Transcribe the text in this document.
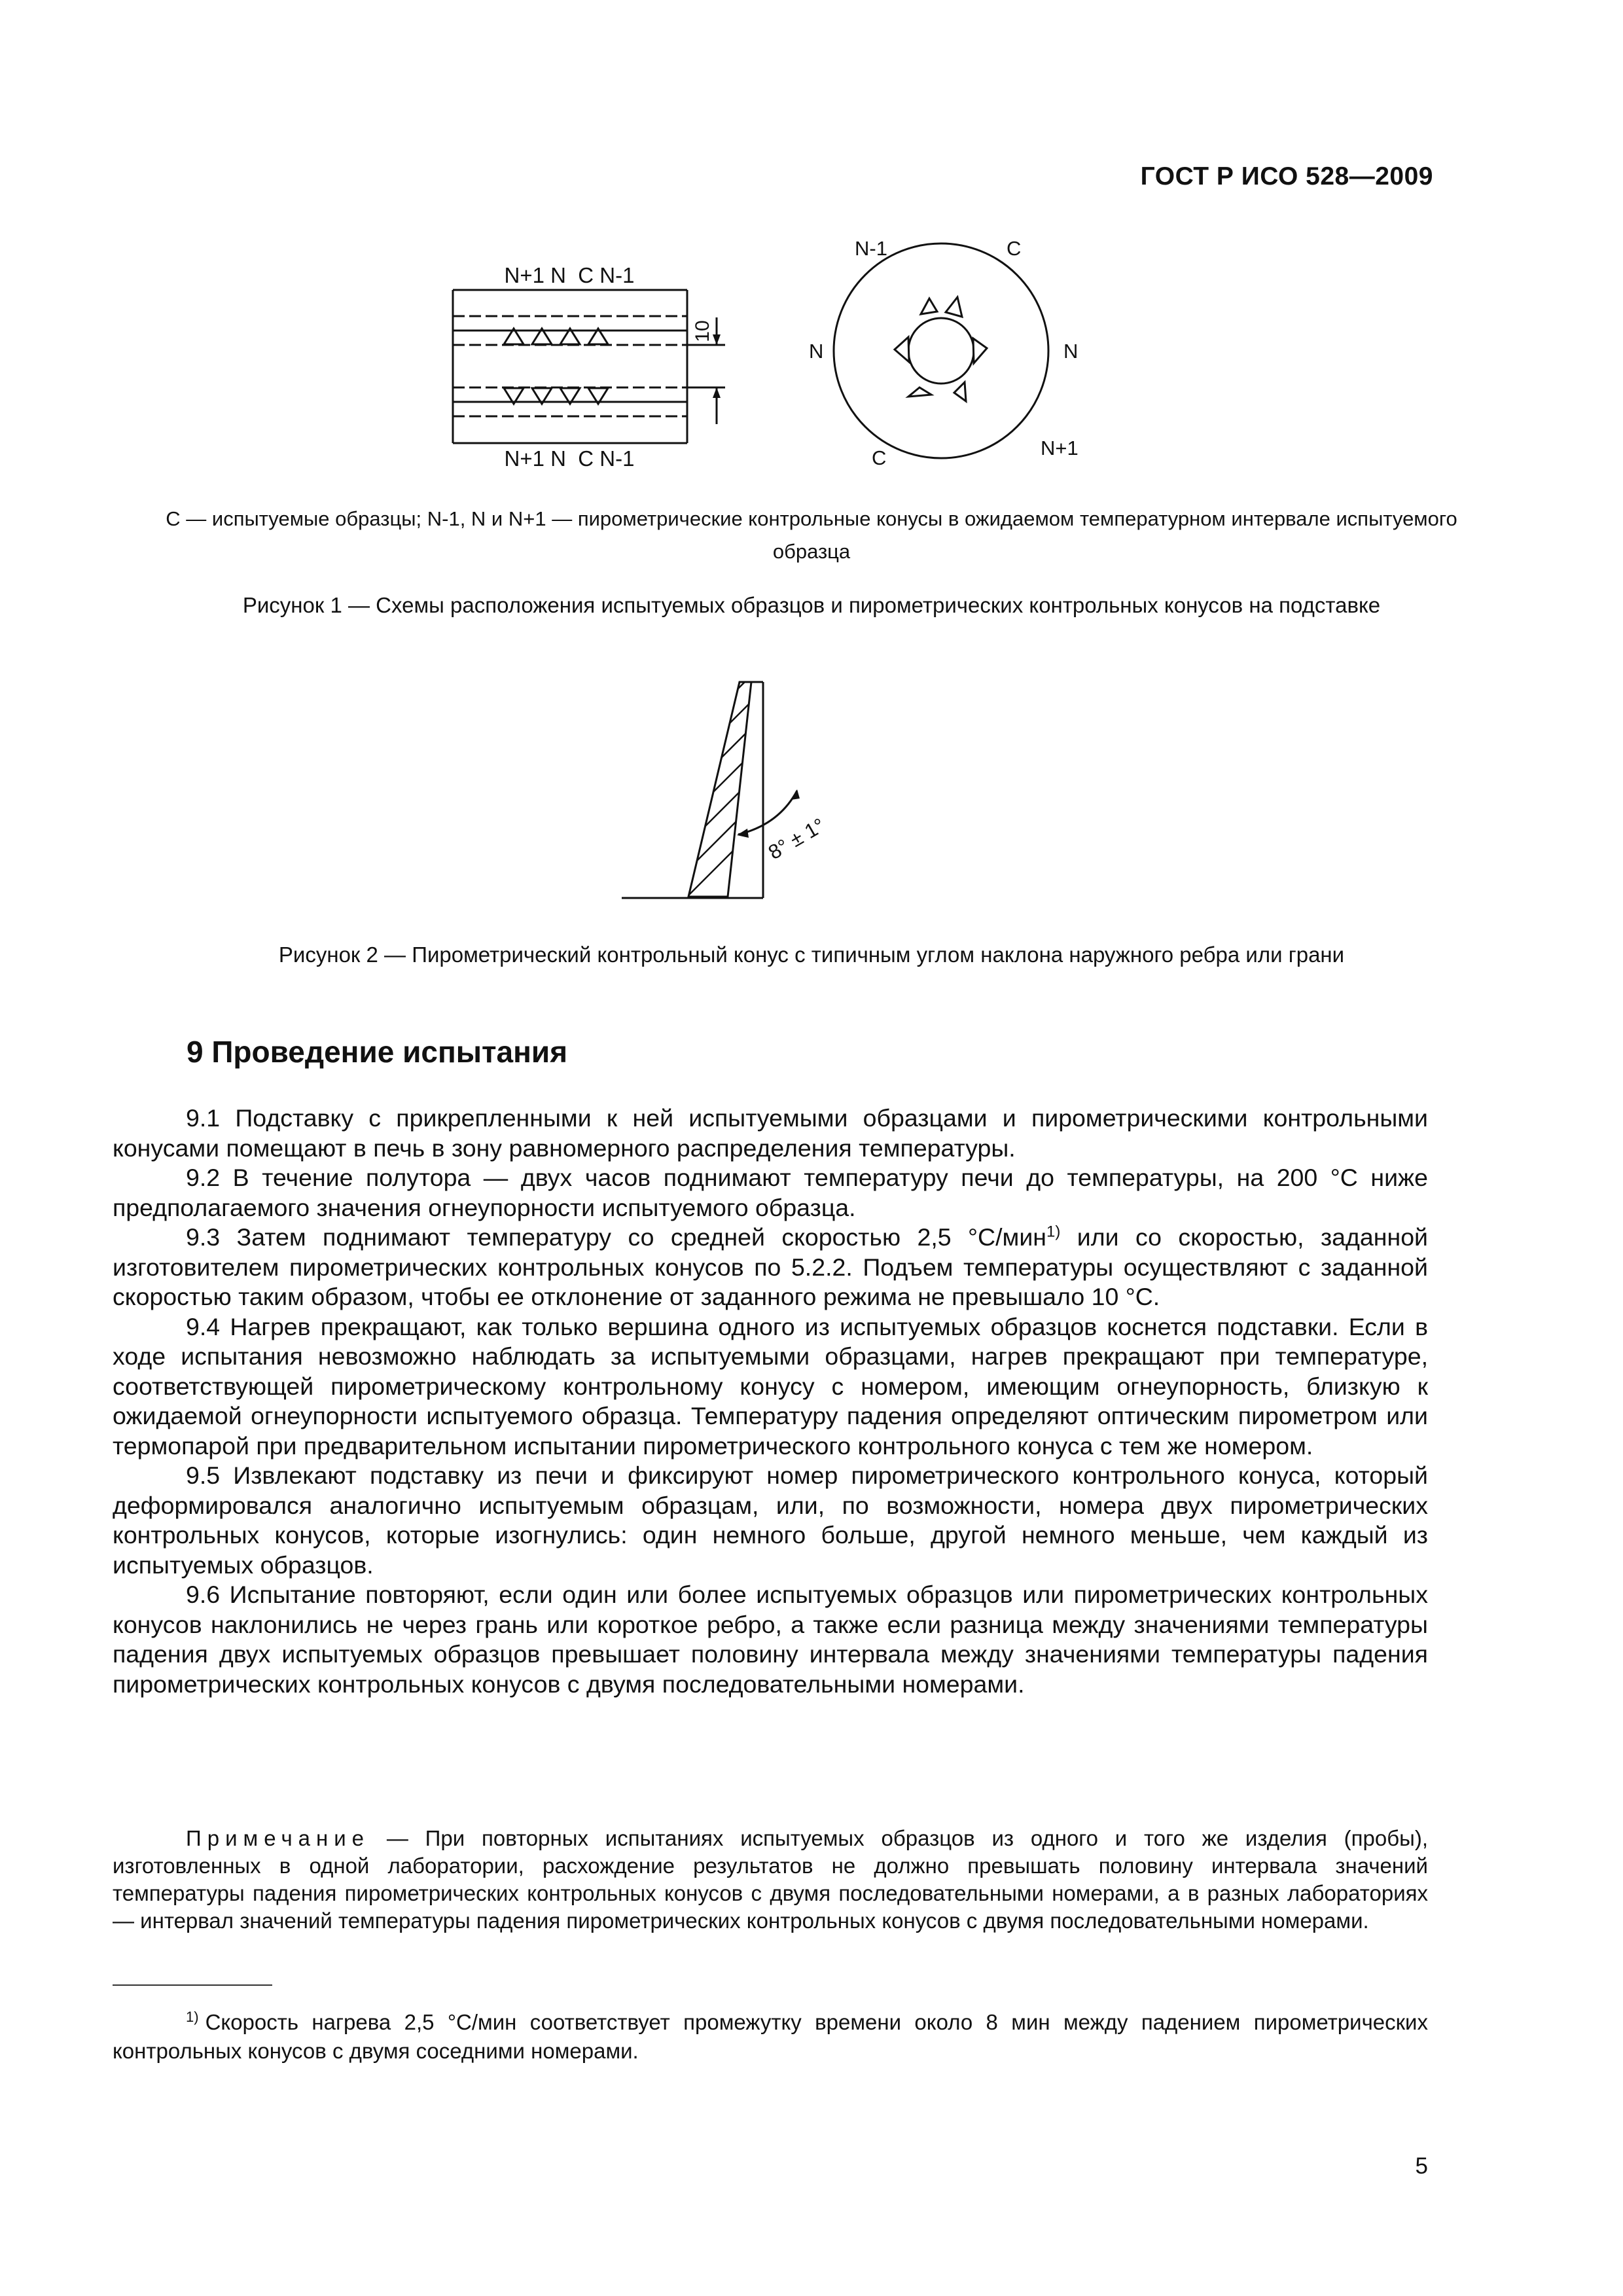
ГОСТ Р ИСО 528—2009
N+1 N  C N-1
N+1 N  C N-1
10
N-1	C
N	N
C	N+1
С — испытуемые образцы; N-1, N и N+1 — пирометрические контрольные конусы в ожидаемом температурном интервале испытуемого образца
Рисунок 1 — Схемы расположения испытуемых образцов и пирометрических контрольных конусов на подставке
8° ± 1°
Рисунок 2 — Пирометрический контрольный конус с типичным углом наклона наружного ребра или грани
9 Проведение испытания

9.1 Подставку с прикрепленными к ней испытуемыми образцами и пирометрическими контрольными конусами помещают в печь в зону равномерного распределения температуры.

9.2 В течение полутора — двух часов поднимают температуру печи до температуры, на 200 °С ниже предполагаемого значения огнеупорности испытуемого образца.

9.3 Затем поднимают температуру со средней скоростью 2,5 °С/мин$^{1)}$ или со скоростью, заданной изготовителем пирометрических контрольных конусов по 5.2.2. Подъем температуры осуществляют с заданной скоростью таким образом, чтобы ее отклонение от заданного режима не превышало 10 °С.

9.4 Нагрев прекращают, как только вершина одного из испытуемых образцов коснется подставки. Если в ходе испытания невозможно наблюдать за испытуемыми образцами, нагрев прекращают при температуре, соответствующей пирометрическому контрольному конусу с номером, имеющим огнеупорность, близкую к ожидаемой огнеупорности испытуемого образца. Температуру падения определяют оптическим пирометром или термопарой при предварительном испытании пирометрического контрольного конуса с тем же номером.

9.5 Извлекают подставку из печи и фиксируют номер пирометрического контрольного конуса, который деформировался аналогично испытуемым образцам, или, по возможности, номера двух пирометрических контрольных конусов, которые изогнулись: один немного больше, другой немного меньше, чем каждый из испытуемых образцов.

9.6 Испытание повторяют, если один или более испытуемых образцов или пирометрических контрольных конусов наклонились не через грань или короткое ребро, а также если разница между значениями температуры падения двух испытуемых образцов превышает половину интервала между значениями температуры падения пирометрических контрольных конусов с двумя последовательными номерами.

Примечание — При повторных испытаниях испытуемых образцов из одного и того же изделия (пробы), изготовленных в одной лаборатории, расхождение результатов не должно превышать половину интервала значений температуры падения пирометрических контрольных конусов с двумя последовательными номерами, а в разных лабораториях — интервал значений температуры падения пирометрических контрольных конусов с двумя последовательными номерами.

$^{1)}$ Скорость нагрева 2,5 °С/мин соответствует промежутку времени около 8 мин между падением пирометрических контрольных конусов с двумя соседними номерами.

5
